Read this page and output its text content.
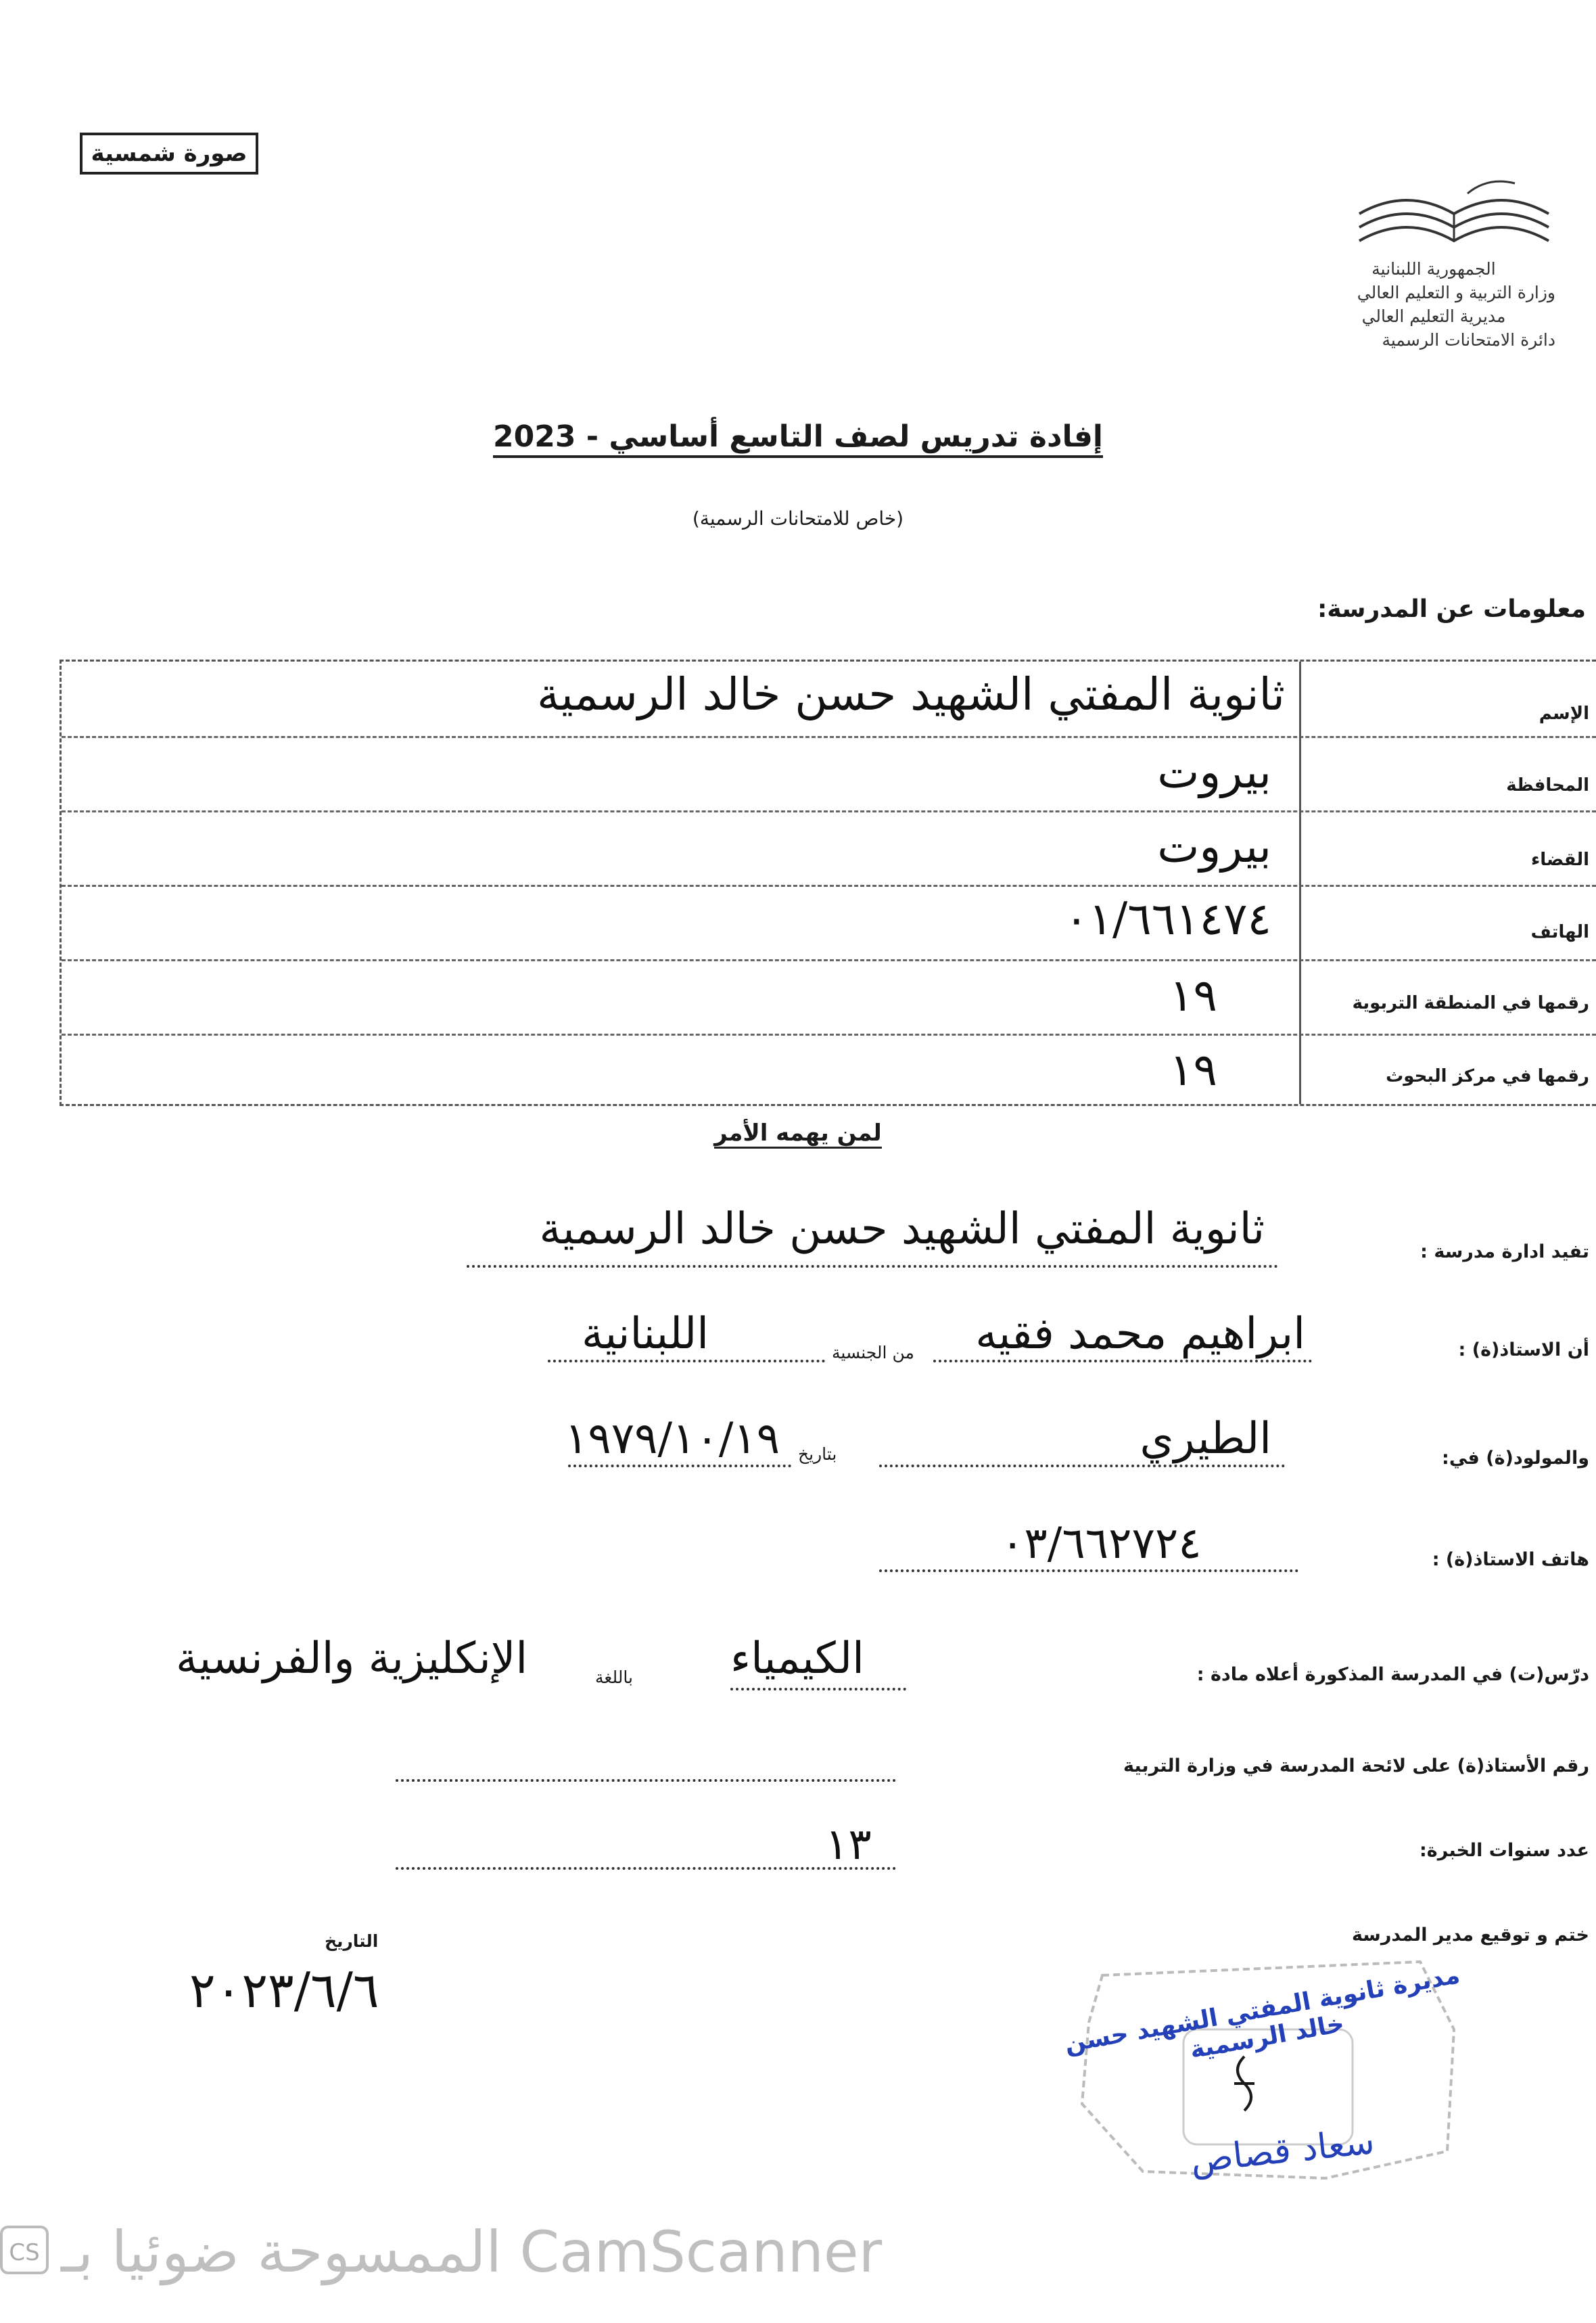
صورة شمسية
الجمهورية اللبنانية
وزارة التربية و التعليم العالي
مديرية التعليم العالي
دائرة الامتحانات الرسمية
إفادة تدريس لصف التاسع أساسي - 2023
(خاص للامتحانات الرسمية)
معلومات عن المدرسة:
الإسم
ثانوية المفتي الشهيد حسن خالد الرسمية
المحافظة
بيروت
القضاء
بيروت
الهاتف
٠١/٦٦١٤٧٤
رقمها في المنطقة التربوية
١٩
رقمها في مركز البحوث
١٩
لمن يهمه الأمر
تفيد ادارة مدرسة :
ثانوية المفتي الشهيد حسن خالد الرسمية
أن الاستاذ(ة) :
ابراهيم محمد فقيه
من الجنسية
اللبنانية
والمولود(ة) في:
الطيري
بتاريخ
١٩٧٩/١٠/١٩
هاتف الاستاذ(ة) :
٠٣/٦٦٢٧٢٤
درّس(ت) في المدرسة المذكورة أعلاه مادة :
الكيمياء
باللغة
الإنكليزية والفرنسية
رقم الأستاذ(ة) على لائحة المدرسة في وزارة التربية
عدد سنوات الخبرة:
١٣
ختم و توقيع مدير المدرسة
التاريخ
٢٠٢٣/٦/٦	مديرة ثانوية المفتي الشهيد حسن خالد الرسمية
سعاد قصاص
CS CamScanner الممسوحة ضوئيا بـ
